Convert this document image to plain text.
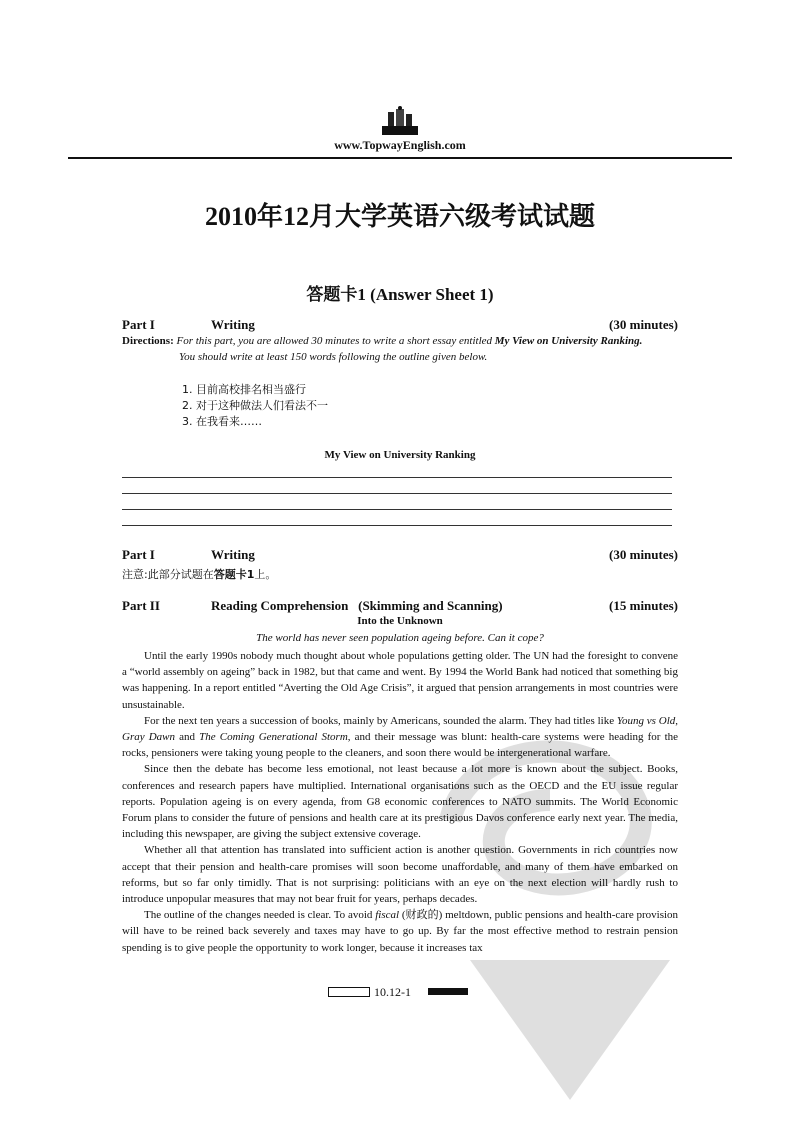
www.TopwayEnglish.com
2010年12月大学英语六级考试试题
答题卡1 (Answer Sheet 1)
Part I	Writing	(30 minutes)
Directions: For this part, you are allowed 30 minutes to write a short essay entitled My View on University Ranking.
You should write at least 150 words following the outline given below.
1. 目前高校排名相当盛行
2. 对于这种做法人们看法不一
3. 在我看来……
My View on University Ranking
Part I	Writing	(30 minutes)
注意:此部分试题在答题卡1上。
Part II	Reading Comprehension   (Skimming and Scanning)	(15 minutes)
Into the Unknown
The world has never seen population ageing before. Can it cope?

Until the early 1990s nobody much thought about whole populations getting older. The UN had the foresight to convene a “world assembly on ageing” back in 1982, but that came and went. By 1994 the World Bank had noticed that something big was happening. In a report entitled “Averting the Old Age Crisis”, it argued that pension arrangements in most countries were unsustainable.

For the next ten years a succession of books, mainly by Americans, sounded the alarm. They had titles like Young vs Old, Gray Dawn and The Coming Generational Storm, and their message was blunt: health-care systems were heading for the rocks, pensioners were taking young people to the cleaners, and soon there would be intergenerational warfare.

Since then the debate has become less emotional, not least because a lot more is known about the subject. Books, conferences and research papers have multiplied. International organisations such as the OECD and the EU issue regular reports. Population ageing is on every agenda, from G8 economic conferences to NATO summits. The World Economic Forum plans to consider the future of pensions and health care at its prestigious Davos conference early next year. The media, including this newspaper, are giving the subject extensive coverage.

Whether all that attention has translated into sufficient action is another question. Governments in rich countries now accept that their pension and health-care promises will soon become unaffordable, and many of them have embarked on reforms, but so far only timidly. That is not surprising: politicians with an eye on the next election will hardly rush to introduce unpopular measures that may not bear fruit for years, perhaps decades.

The outline of the changes needed is clear. To avoid fiscal (财政的) meltdown, public pensions and health-care provision will have to be reined back severely and taxes may have to go up. By far the most effective method to restrain pension spending is to give people the opportunity to work longer, because it increases tax

10.12-1
